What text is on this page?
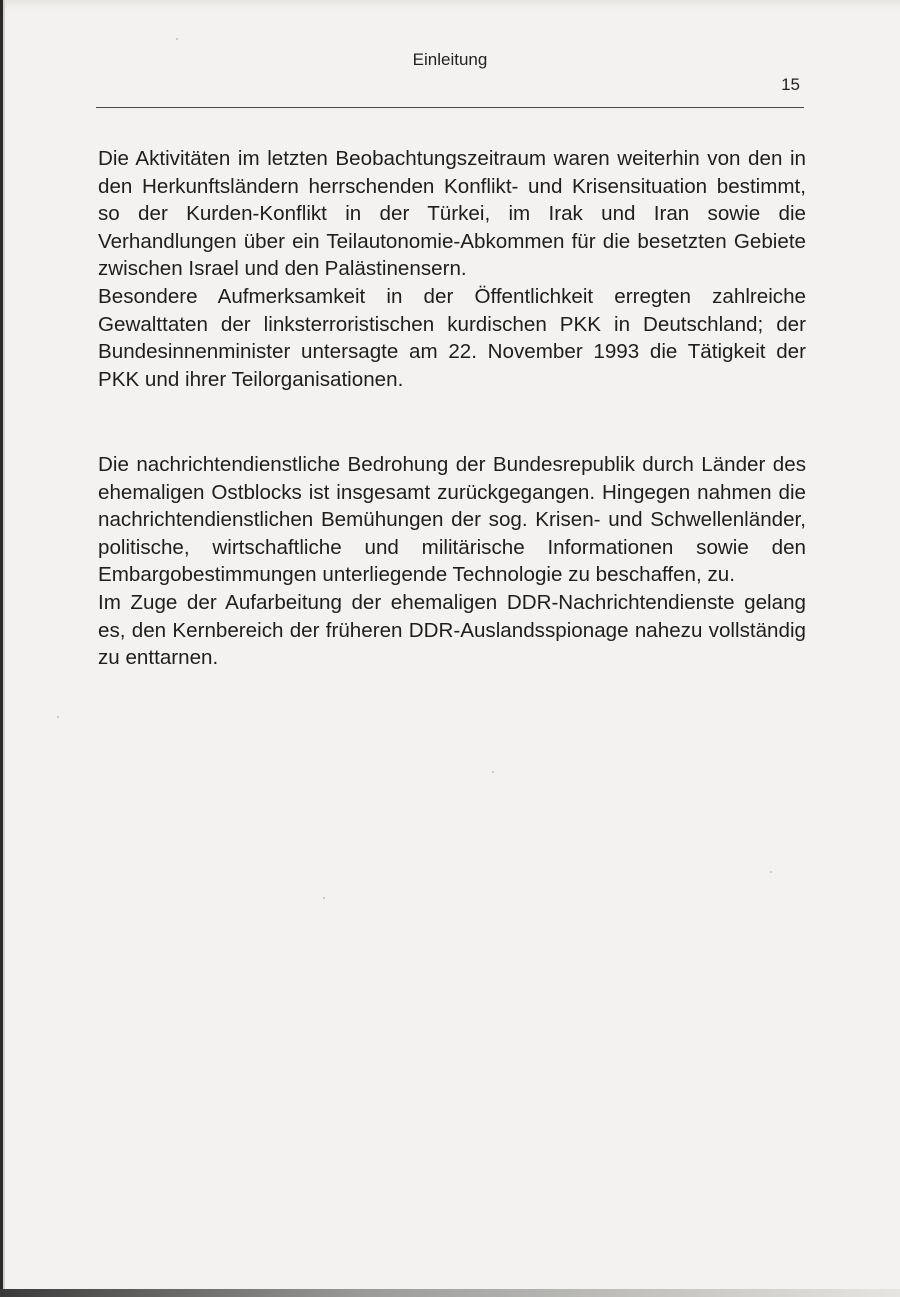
Einleitung
15

Die Aktivitäten im letzten Beobachtungszeitraum waren weiterhin von den in den Herkunftsländern herrschenden Konflikt- und Krisensituation bestimmt, so der Kurden-Konflikt in der Türkei, im Irak und Iran sowie die Verhandlungen über ein Teilautonomie-Abkommen für die besetzten Gebiete zwischen Israel und den Palästinensern.

Besondere Aufmerksamkeit in der Öffentlichkeit erregten zahlreiche Gewalttaten der linksterroristischen kurdischen PKK in Deutschland; der Bundesinnenminister untersagte am 22. November 1993 die Tätigkeit der PKK und ihrer Teilorganisationen.

Die nachrichtendienstliche Bedrohung der Bundesrepublik durch Länder des ehemaligen Ostblocks ist insgesamt zurückgegangen. Hingegen nahmen die nachrichtendienstlichen Bemühungen der sog. Krisen- und Schwellenländer, politische, wirtschaftliche und militärische Informationen sowie den Embargobestimmungen unterliegende Technologie zu beschaffen, zu.

Im Zuge der Aufarbeitung der ehemaligen DDR-Nachrichtendienste gelang es, den Kernbereich der früheren DDR-Auslandsspionage nahezu vollständig zu enttarnen.
